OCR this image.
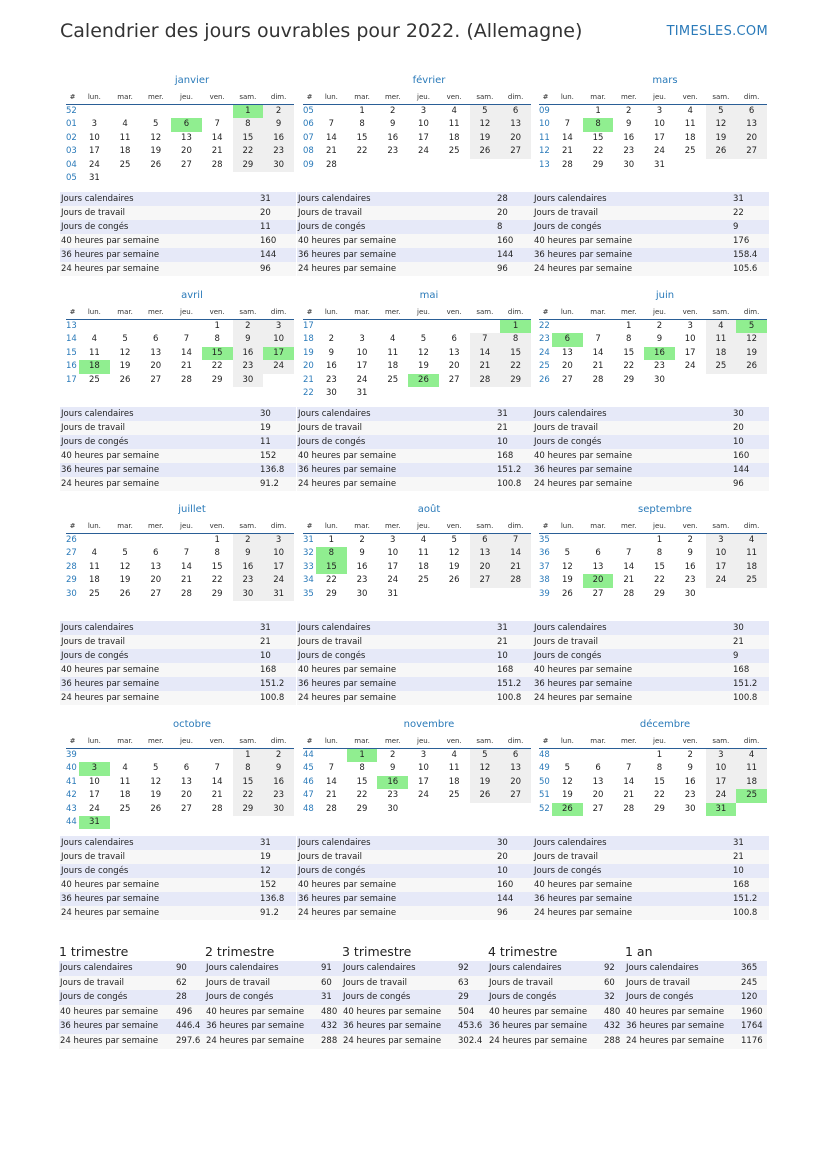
Calendrier des jours ouvrables pour 2022. (Allemagne)	TIMESLES.COM
janvier
#	lun.	mar.	mer.	jeu.	ven.	sam.	dim.
52						1	2
01	3	4	5	6	7	8	9
02	10	11	12	13	14	15	16
03	17	18	19	20	21	22	23
04	24	25	26	27	28	29	30
05	31						
Jours calendaires	31
Jours de travail	20
Jours de congés	11
40 heures par semaine	160
36 heures par semaine	144
24 heures par semaine	96
février
#	lun.	mar.	mer.	jeu.	ven.	sam.	dim.
05		1	2	3	4	5	6
06	7	8	9	10	11	12	13
07	14	15	16	17	18	19	20
08	21	22	23	24	25	26	27
09	28						
Jours calendaires	28
Jours de travail	20
Jours de congés	8
40 heures par semaine	160
36 heures par semaine	144
24 heures par semaine	96
mars
#	lun.	mar.	mer.	jeu.	ven.	sam.	dim.
09		1	2	3	4	5	6
10	7	8	9	10	11	12	13
11	14	15	16	17	18	19	20
12	21	22	23	24	25	26	27
13	28	29	30	31			
Jours calendaires	31
Jours de travail	22
Jours de congés	9
40 heures par semaine	176
36 heures par semaine	158.4
24 heures par semaine	105.6
avril
#	lun.	mar.	mer.	jeu.	ven.	sam.	dim.
13					1	2	3
14	4	5	6	7	8	9	10
15	11	12	13	14	15	16	17
16	18	19	20	21	22	23	24
17	25	26	27	28	29	30	
Jours calendaires	30
Jours de travail	19
Jours de congés	11
40 heures par semaine	152
36 heures par semaine	136.8
24 heures par semaine	91.2
mai
#	lun.	mar.	mer.	jeu.	ven.	sam.	dim.
17							1
18	2	3	4	5	6	7	8
19	9	10	11	12	13	14	15
20	16	17	18	19	20	21	22
21	23	24	25	26	27	28	29
22	30	31					
Jours calendaires	31
Jours de travail	21
Jours de congés	10
40 heures par semaine	168
36 heures par semaine	151.2
24 heures par semaine	100.8
juin
#	lun.	mar.	mer.	jeu.	ven.	sam.	dim.
22			1	2	3	4	5
23	6	7	8	9	10	11	12
24	13	14	15	16	17	18	19
25	20	21	22	23	24	25	26
26	27	28	29	30			
Jours calendaires	30
Jours de travail	20
Jours de congés	10
40 heures par semaine	160
36 heures par semaine	144
24 heures par semaine	96
juillet
#	lun.	mar.	mer.	jeu.	ven.	sam.	dim.
26					1	2	3
27	4	5	6	7	8	9	10
28	11	12	13	14	15	16	17
29	18	19	20	21	22	23	24
30	25	26	27	28	29	30	31
Jours calendaires	31
Jours de travail	21
Jours de congés	10
40 heures par semaine	168
36 heures par semaine	151.2
24 heures par semaine	100.8
août
#	lun.	mar.	mer.	jeu.	ven.	sam.	dim.
31	1	2	3	4	5	6	7
32	8	9	10	11	12	13	14
33	15	16	17	18	19	20	21
34	22	23	24	25	26	27	28
35	29	30	31				
Jours calendaires	31
Jours de travail	21
Jours de congés	10
40 heures par semaine	168
36 heures par semaine	151.2
24 heures par semaine	100.8
septembre
#	lun.	mar.	mer.	jeu.	ven.	sam.	dim.
35				1	2	3	4
36	5	6	7	8	9	10	11
37	12	13	14	15	16	17	18
38	19	20	21	22	23	24	25
39	26	27	28	29	30		
Jours calendaires	30
Jours de travail	21
Jours de congés	9
40 heures par semaine	168
36 heures par semaine	151.2
24 heures par semaine	100.8
octobre
#	lun.	mar.	mer.	jeu.	ven.	sam.	dim.
39						1	2
40	3	4	5	6	7	8	9
41	10	11	12	13	14	15	16
42	17	18	19	20	21	22	23
43	24	25	26	27	28	29	30
44	31						
Jours calendaires	31
Jours de travail	19
Jours de congés	12
40 heures par semaine	152
36 heures par semaine	136.8
24 heures par semaine	91.2
novembre
#	lun.	mar.	mer.	jeu.	ven.	sam.	dim.
44		1	2	3	4	5	6
45	7	8	9	10	11	12	13
46	14	15	16	17	18	19	20
47	21	22	23	24	25	26	27
48	28	29	30				
Jours calendaires	30
Jours de travail	20
Jours de congés	10
40 heures par semaine	160
36 heures par semaine	144
24 heures par semaine	96
décembre
#	lun.	mar.	mer.	jeu.	ven.	sam.	dim.
48				1	2	3	4
49	5	6	7	8	9	10	11
50	12	13	14	15	16	17	18
51	19	20	21	22	23	24	25
52	26	27	28	29	30	31	
Jours calendaires	31
Jours de travail	21
Jours de congés	10
40 heures par semaine	168
36 heures par semaine	151.2
24 heures par semaine	100.8
1 trimestre
Jours calendaires	90
Jours de travail	62
Jours de congés	28
40 heures par semaine 496
36 heures par semaine 446.4
24 heures par semaine 297.6
2 trimestre
Jours calendaires	91
Jours de travail	60
Jours de congés	31
40 heures par semaine 480
36 heures par semaine 432
24 heures par semaine 288
3 trimestre
Jours calendaires	92
Jours de travail	63
Jours de congés	29
40 heures par semaine 504
36 heures par semaine 453.6
24 heures par semaine 302.4
4 trimestre
Jours calendaires	92
Jours de travail	60
Jours de congés	32
40 heures par semaine 480
36 heures par semaine 432
24 heures par semaine 288
1 an
Jours calendaires	365
Jours de travail	245
Jours de congés	120
40 heures par semaine 1960
36 heures par semaine 1764
24 heures par semaine 1176
